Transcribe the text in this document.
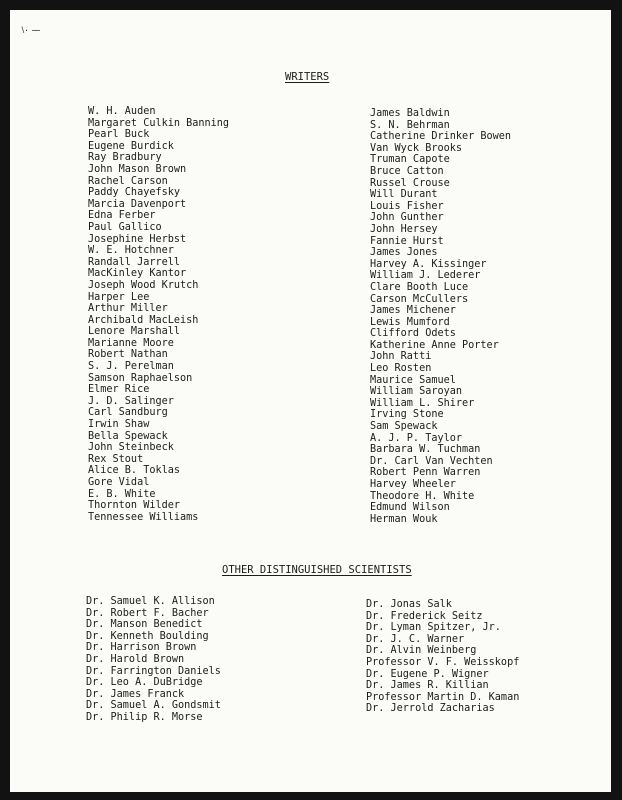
∖· ∼∼
WRITERS
W. H. Auden
Margaret Culkin Banning
Pearl Buck
Eugene Burdick
Ray Bradbury
John Mason Brown
Rachel Carson
Paddy Chayefsky
Marcia Davenport
Edna Ferber
Paul Gallico
Josephine Herbst
W. E. Hotchner
Randall Jarrell
MacKinley Kantor
Joseph Wood Krutch
Harper Lee
Arthur Miller
Archibald MacLeish
Lenore Marshall
Marianne Moore
Robert Nathan
S. J. Perelman
Samson Raphaelson
Elmer Rice
J. D. Salinger
Carl Sandburg
Irwin Shaw
Bella Spewack
John Steinbeck
Rex Stout
Alice B. Toklas
Gore Vidal
E. B. White
Thornton Wilder
Tennessee Williams
James Baldwin
S. N. Behrman
Catherine Drinker Bowen
Van Wyck Brooks
Truman Capote
Bruce Catton
Russel Crouse
Will Durant
Louis Fisher
John Gunther
John Hersey
Fannie Hurst
James Jones
Harvey A. Kissinger
William J. Lederer
Clare Booth Luce
Carson McCullers
James Michener
Lewis Mumford
Clifford Odets
Katherine Anne Porter
John Ratti
Leo Rosten
Maurice Samuel
William Saroyan
William L. Shirer
Irving Stone
Sam Spewack
A. J. P. Taylor
Barbara W. Tuchman
Dr. Carl Van Vechten
Robert Penn Warren
Harvey Wheeler
Theodore H. White
Edmund Wilson
Herman Wouk
OTHER DISTINGUISHED SCIENTISTS
Dr. Samuel K. Allison
Dr. Robert F. Bacher
Dr. Manson Benedict
Dr. Kenneth Boulding
Dr. Harrison Brown
Dr. Harold Brown
Dr. Farrington Daniels
Dr. Leo A. DuBridge
Dr. James Franck
Dr. Samuel A. Gondsmit
Dr. Philip R. Morse
Dr. Jonas Salk
Dr. Frederick Seitz
Dr. Lyman Spitzer, Jr.
Dr. J. C. Warner
Dr. Alvin Weinberg
Professor V. F. Weisskopf
Dr. Eugene P. Wigner
Dr. James R. Killian
Professor Martin D. Kaman
Dr. Jerrold Zacharias
